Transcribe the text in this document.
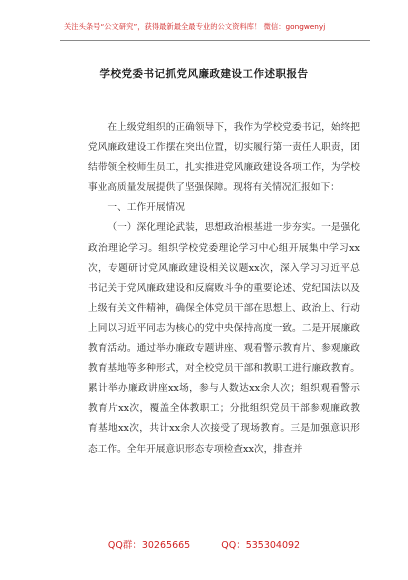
关注头条号“公文研究”，获得最新最全最专业的公文资料库！ 微信：gongwenyj
学校党委书记抓党风廉政建设工作述职报告

在上级党组织的正确领导下，我作为学校党委书记，始终把党风廉政建设工作摆在突出位置，切实履行第一责任人职责，团结带领全校师生员工，扎实推进党风廉政建设各项工作，为学校事业高质量发展提供了坚强保障。现将有关情况汇报如下：

一、工作开展情况

（一）深化理论武装，思想政治根基进一步夯实。一是强化政治理论学习。组织学校党委理论学习中心组开展集中学习xx次，专题研讨党风廉政建设相关议题xx次，深入学习习近平总书记关于党风廉政建设和反腐败斗争的重要论述、党纪国法以及上级有关文件精神，确保全体党员干部在思想上、政治上、行动上同以习近平同志为核心的党中央保持高度一致。二是开展廉政教育活动。通过举办廉政专题讲座、观看警示教育片、参观廉政教育基地等多种形式，对全校党员干部和教职工进行廉政教育。累计举办廉政讲座xx场，参与人数达xx余人次；组织观看警示教育片xx次，覆盖全体教职工；分批组织党员干部参观廉政教育基地xx次，共计xx余人次接受了现场教育。三是加强意识形态工作。全年开展意识形态专项检查xx次，排查并

QQ群：30265665	QQ：535304092
